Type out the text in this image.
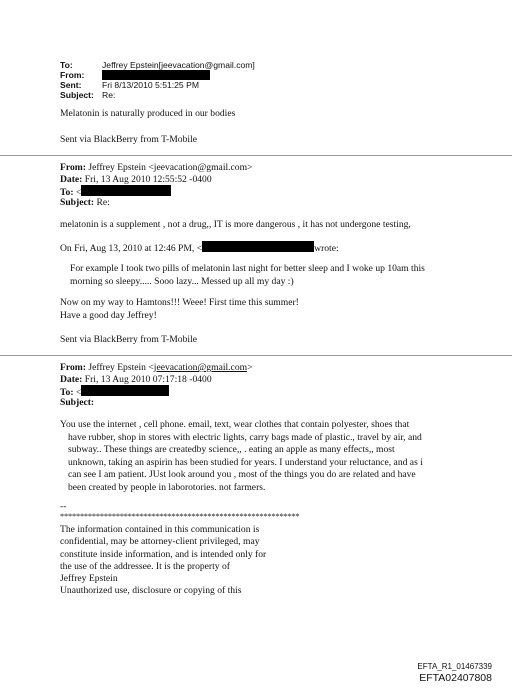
To:	Jeffrey Epstein[jeevacation@gmail.com]
From:
Sent:	Fri 8/13/2010 5:51:25 PM
Subject: Re:
Melatonin is naturally produced in our bodies
Sent via BlackBerry from T-Mobile
From: Jeffrey Epstein <jeevacation@gmail.com>
Date: Fri, 13 Aug 2010 12:55:52 -0400
To: <
Subject: Re:
melatonin is a supplement , not a drug,, IT is more dangerous , it has not undergone testing,
On Fri, Aug 13, 2010 at 12:46 PM, <	wrote:
For example I took two pills of melatonin last night for better sleep and I woke up 10am this
morning so sleepy..... Sooo lazy... Messed up all my day :)
Now on my way to Hamtons!!! Weee! First time this summer!
Have a good day Jeffrey!
Sent via BlackBerry from T-Mobile
From: Jeffrey Epstein <jeevacation@gmail.com>
Date: Fri, 13 Aug 2010 07:17:18 -0400
To: <
Subject:
You use the internet , cell phone. email, text, wear clothes that contain polyester, shoes that
have rubber, shop in stores with electric lights, carry bags made of plastic., travel by air, and
subway.. These things are createdby science,, . eating an apple as many effects,, most
unknown, taking an aspirin has been studied for years. I understand your reluctance, and as i
can see I am patient. JUst look around you , most of the things you do are related and have
been created by people in laborotories. not farmers.
--
************************************************************
The information contained in this communication is
confidential, may be attorney-client privileged, may
constitute inside information, and is intended only for
the use of the addressee. It is the property of
Jeffrey Epstein
Unauthorized use, disclosure or copying of this
EFTA_R1_01467339
EFTA02407808
